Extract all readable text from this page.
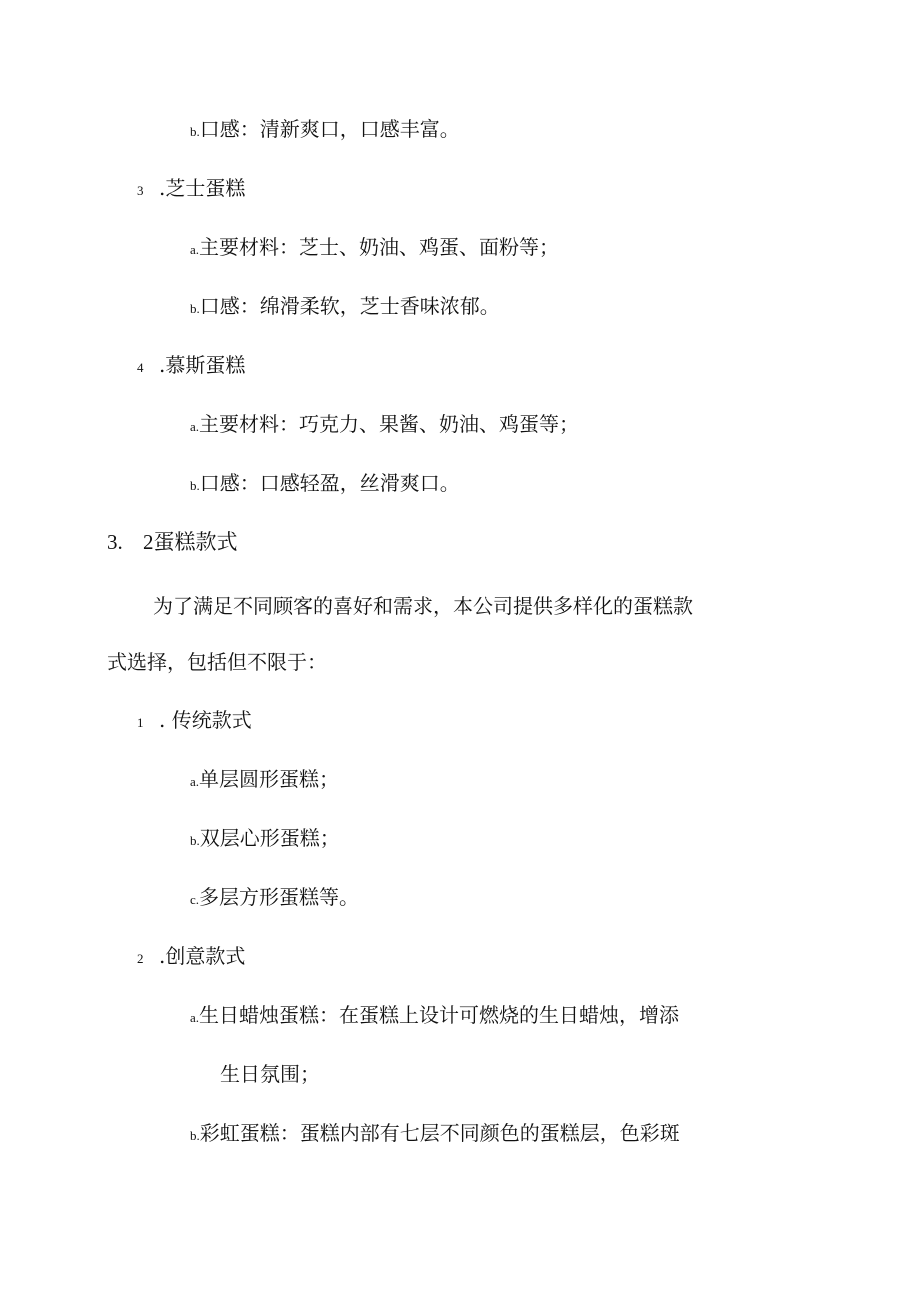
b.口感：清新爽口，口感丰富。
3 .芝士蛋糕
a.主要材料：芝士、奶油、鸡蛋、面粉等；
b.口感：绵滑柔软，芝士香味浓郁。
4 .慕斯蛋糕
a.主要材料：巧克力、果酱、奶油、鸡蛋等；
b.口感：口感轻盈，丝滑爽口。
3. 2蛋糕款式
为了满足不同顾客的喜好和需求，本公司提供多样化的蛋糕款
式选择，包括但不限于：
1 . 传统款式
a.单层圆形蛋糕；
b.双层心形蛋糕；
c.多层方形蛋糕等。
2 .创意款式
a.生日蜡烛蛋糕：在蛋糕上设计可燃烧的生日蜡烛，增添
生日氛围；
b.彩虹蛋糕：蛋糕内部有七层不同颜色的蛋糕层，色彩斑
